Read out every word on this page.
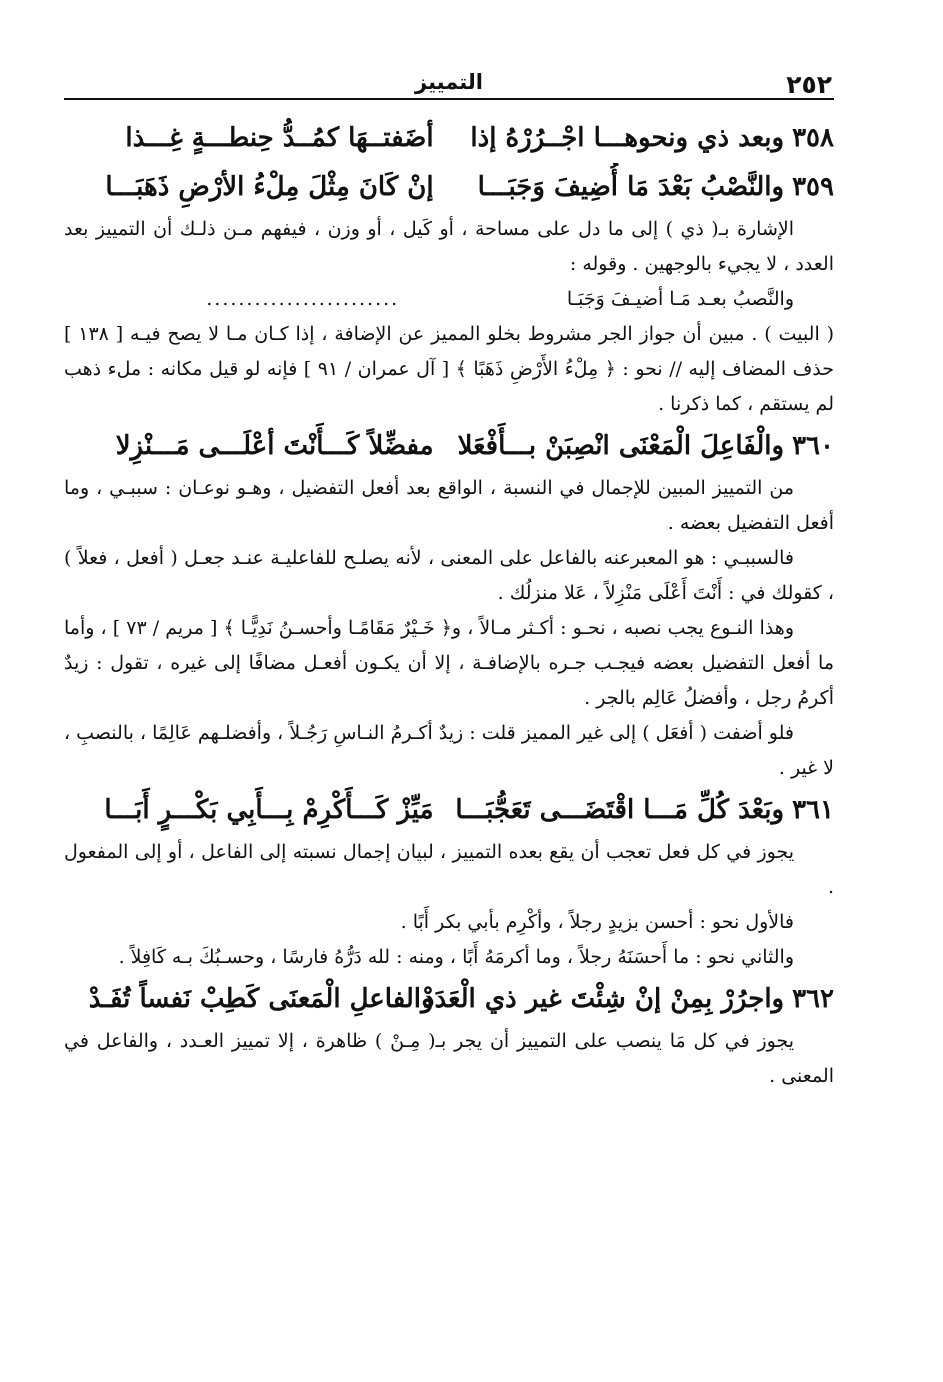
٢٥٢
التمييز
٣٥٨وبعد ذي ونحوهـــا اجْــرُرْهُ إذا
أضَفتــهَا كمُــدُّ حِنطـــةٍ غِـــذا
٣٥٩والنَّصْبُ بَعْدَ مَا أُضِيفَ وَجَبَـــا
إنْ كَانَ مِثْلَ مِلْءُ الأرْضِ ذَهَبَـــا

الإشارة بـ( ذي ) إلى ما دل على مساحة ، أو كَيل ، أو وزن ، فيفهم مـن ذلـك أن التمييز بعد العدد ، لا يجيء بالوجهين . وقوله :

والنَّصبُ بعـد مَـا أضيـفَ وَجَبَـا
........................

( البيت ) . مبين أن جواز الجر مشروط بخلو المميز عن الإضافة ، إذا كـان مـا لا يصح فيـه [ ١٣٨ ] حذف المضاف إليه // نحو : ﴿ مِلْءُ الأَرْضِ ذَهَبًا ﴾ [ آل عمران / ٩١ ] فإنه لو قيل مكانه : ملء ذهب لم يستقم ، كما ذكرنا .

٣٦٠والْفَاعِلَ الْمَعْنَى انْصِبَنْ بـــأَفْعَلا
مفضِّلاً كَـــأَنْتَ أعْلَـــى مَـــنْزِلا

من التمييز المبين للإجمال في النسبة ، الواقع بعد أفعل التفضيل ، وهـو نوعـان : سببـي ، وما أفعل التفضيل بعضه .

فالسببـي : هو المعبرعنه بالفاعل على المعنى ، لأنه يصلـح للفاعليـة عنـد جعـل ( أفعل ، فعلاً ) ، كقولك في : أَنْتَ أَعْلَى مَنْزِلاً ، عَلا منزلُك .

وهذا النـوع يجب نصبه ، نحـو : أكـثر مـالاً ، و﴿ خَـيْرٌ مَقَامًـا وأحسـنُ نَدِيًّـا ﴾ [ مريم / ٧٣ ] ، وأما ما أفعل التفضيل بعضه فيجـب جـره بالإضافـة ، إلا أن يكـون أفعـل مضافًا إلى غيره ، تقول : زيدٌ أكرمُ رجل ، وأفضلُ عَالِم بالجر .

فلو أضفت ( أفعَل ) إلى غير المميز قلت : زيدٌ أكـرمُ النـاسِ رَجُـلاً ، وأفضلـهم عَالِمًا ، بالنصبِ ، لا غير .

٣٦١وبَعْدَ كُلِّ مَـــا اقْتَضَـــى تَعَجُّبَـــا
مَيِّزْ كَـــأَكْرِمْ بِـــأَبِي بَكْـــرٍ أَبَـــا

يجوز في كل فعل تعجب أن يقع بعده التمييز ، لبيان إجمال نسبته إلى الفاعل ، أو إلى المفعول .

فالأول نحو : أحسن بزيدٍ رجلاً ، وأكْرِم بأبي بكر أَبًا .

والثاني نحو : ما أَحسَنَهُ رجلاً ، وما أكرمَهُ أَبًا ، ومنه : لله دَرُّهُ فارسًا ، وحسـبُكَ بـه كَافِلاً .

٣٦٢واجرُرْ بِمِنْ إنْ شِئْتَ غير ذي الْعَدَدْ
والفاعلِ الْمَعنَى كَطِبْ نَفساً تُفَـدْ

يجوز في كل مَا ينصب على التمييز أن يجر بـ( مِـنْ ) ظاهرة ، إلا تمييز العـدد ، والفاعل في المعنى .
